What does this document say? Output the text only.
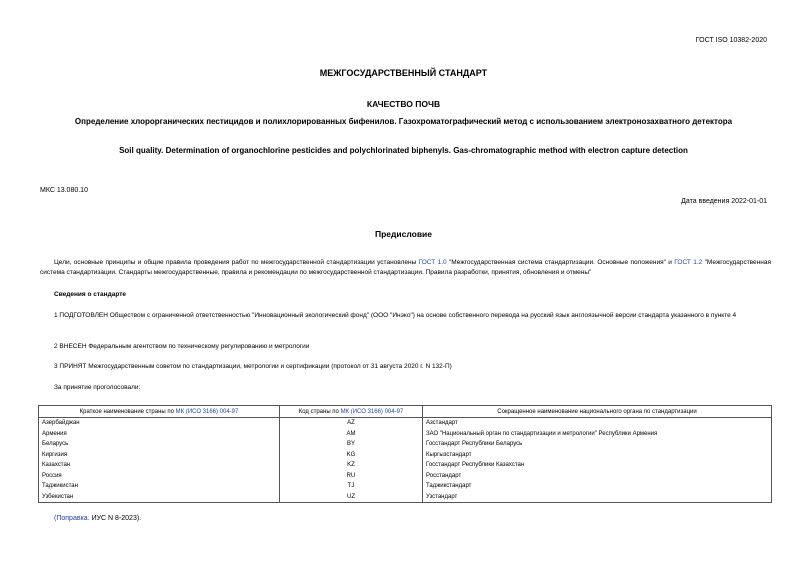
ГОСТ ISO 10382-2020
МЕЖГОСУДАРСТВЕННЫЙ СТАНДАРТ
КАЧЕСТВО ПОЧВ
Определение хлорорганических пестицидов и полихлорированных бифенилов. Газохроматографический метод с использованием электронозахватного детектора
Soil quality. Determination of organochlorine pesticides and polychlorinated biphenyls. Gas-chromatographic method with electron capture detection
МКС 13.080.10
Дата введения 2022-01-01
Предисловие
Цели, основные принципы и общие правила проведения работ по межгосударственной стандартизации установлены ГОСТ 1.0 "Межгосударственная система стандартизации. Основные положения" и ГОСТ 1.2 "Межгосударственная система стандартизации. Стандарты межгосударственные, правила и рекомендации по межгосударственной стандартизации. Правила разработки, принятия, обновления и отмены"
Сведения о стандарте
1 ПОДГОТОВЛЕН Обществом с ограниченной ответственностью "Инновационный экологический фонд" (ООО "Инэко") на основе собственного перевода на русский язык англоязычной версии стандарта указанного в пункте 4
2 ВНЕСЕН Федеральным агентством по техническому регулированию и метрологии
3 ПРИНЯТ Межгосударственным советом по стандартизации, метрологии и сертификации (протокол от 31 августа 2020 г. N 132-П)
За принятие проголосовали:
Краткое наименование страны по МК (ИСО 3166) 004-97	Код страны по МК (ИСО 3166) 004-97	Сокращенное наименование национального органа по стандартизации
Азербайджан	AZ	Азстандарт
Армения	AM	ЗАО "Национальный орган по стандартизации и метрологии" Республики Армения
Беларусь	BY	Госстандарт Республики Беларусь
Киргизия	KG	Кыргызстандарт
Казахстан	KZ	Госстандарт Республики Казахстан
Россия	RU	Росстандарт
Таджикистан	TJ	Таджикстандарт
Узбекистан	UZ	Узстандарт
(Поправка. ИУС N 8-2023).
